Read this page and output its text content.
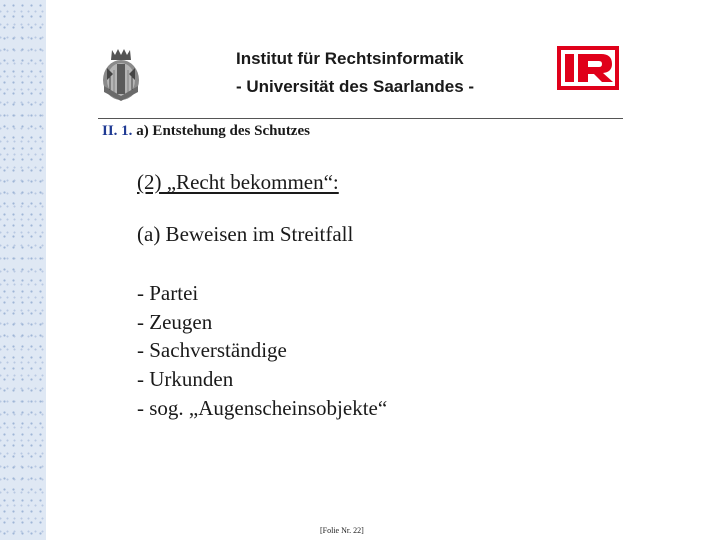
Institut für Rechtsinformatik
- Universität des Saarlandes -
II. 1. a) Entstehung des Schutzes
(2) „Recht bekommen“:
(a) Beweisen im Streitfall
- Partei
- Zeugen
- Sachverständige
- Urkunden
- sog. „Augenscheinsobjekte“
[Folie Nr. 22]
